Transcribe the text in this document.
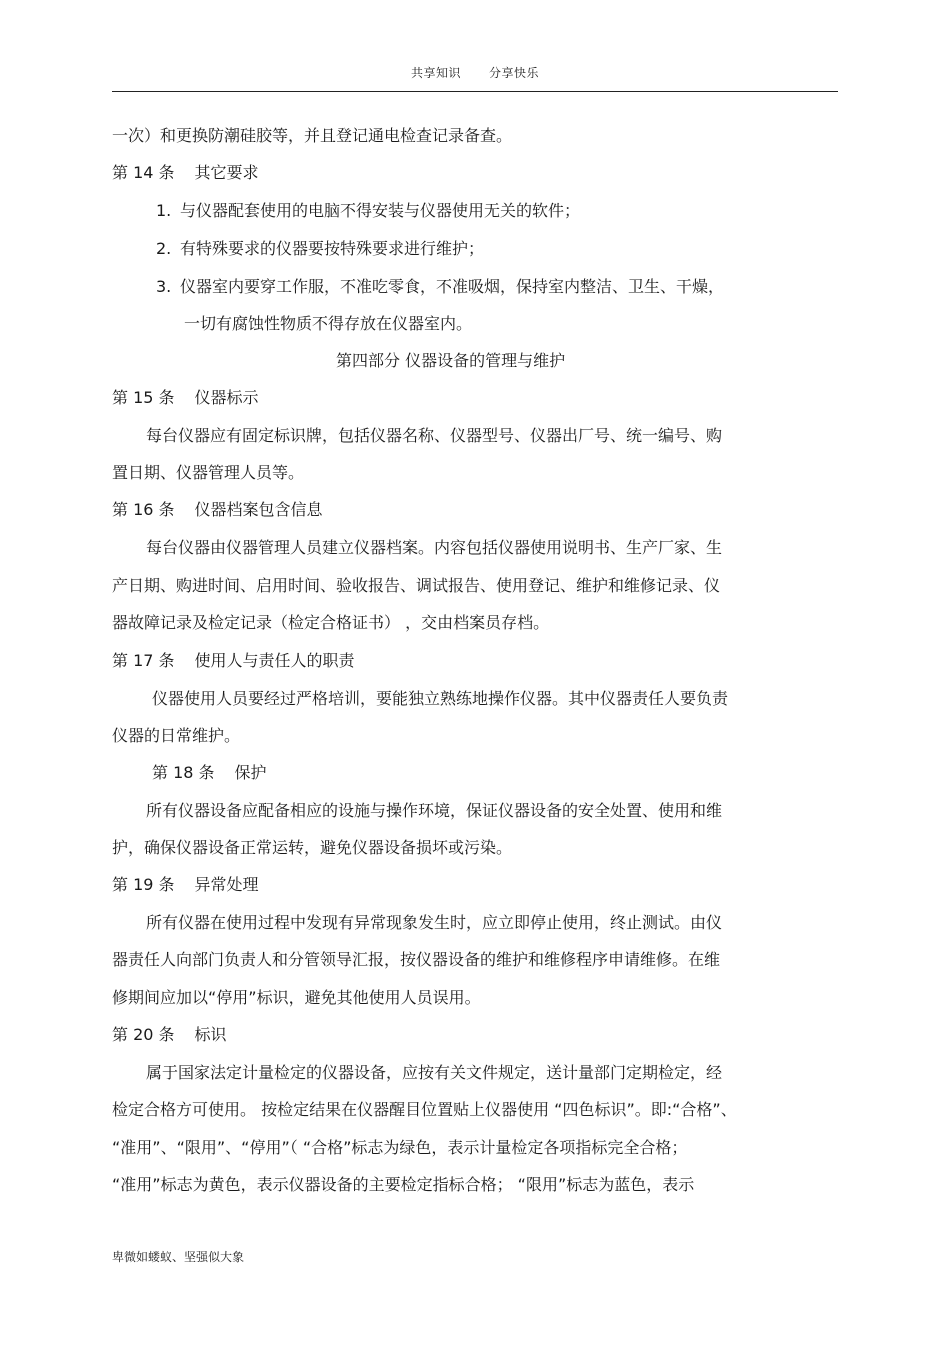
共享知识 分享快乐
一次）和更换防潮硅胶等，并且登记通电检查记录备查。
第 14 条 其它要求
1. 与仪器配套使用的电脑不得安装与仪器使用无关的软件；
2. 有特殊要求的仪器要按特殊要求进行维护；
3. 仪器室内要穿工作服，不准吃零食，不准吸烟，保持室内整洁、卫生、干燥，
一切有腐蚀性物质不得存放在仪器室内。
第四部分 仪器设备的管理与维护
第 15 条 仪器标示
每台仪器应有固定标识牌，包括仪器名称、仪器型号、仪器出厂号、统一编号、购
置日期、仪器管理人员等。
第 16 条 仪器档案包含信息
每台仪器由仪器管理人员建立仪器档案。内容包括仪器使用说明书、生产厂家、生
产日期、购进时间、启用时间、验收报告、调试报告、使用登记、维护和维修记录、仪
器故障记录及检定记录（检定合格证书） ，交由档案员存档。
第 17 条 使用人与责任人的职责
仪器使用人员要经过严格培训，要能独立熟练地操作仪器。其中仪器责任人要负责
仪器的日常维护。
第 18 条 保护
所有仪器设备应配备相应的设施与操作环境，保证仪器设备的安全处置、使用和维
护，确保仪器设备正常运转，避免仪器设备损坏或污染。
第 19 条 异常处理
所有仪器在使用过程中发现有异常现象发生时，应立即停止使用，终止测试。由仪
器责任人向部门负责人和分管领导汇报，按仪器设备的维护和维修程序申请维修。在维
修期间应加以“停用”标识，避免其他使用人员误用。
第 20 条 标识
属于国家法定计量检定的仪器设备，应按有关文件规定，送计量部门定期检定，经
检定合格方可使用。 按检定结果在仪器醒目位置贴上仪器使用 “四色标识”。即:“合格”、
“准用”、“限用”、“停用”（ “合格”标志为绿色，表示计量检定各项指标完全合格；
“准用”标志为黄色，表示仪器设备的主要检定指标合格； “限用”标志为蓝色，表示
卑微如蝼蚁、坚强似大象
